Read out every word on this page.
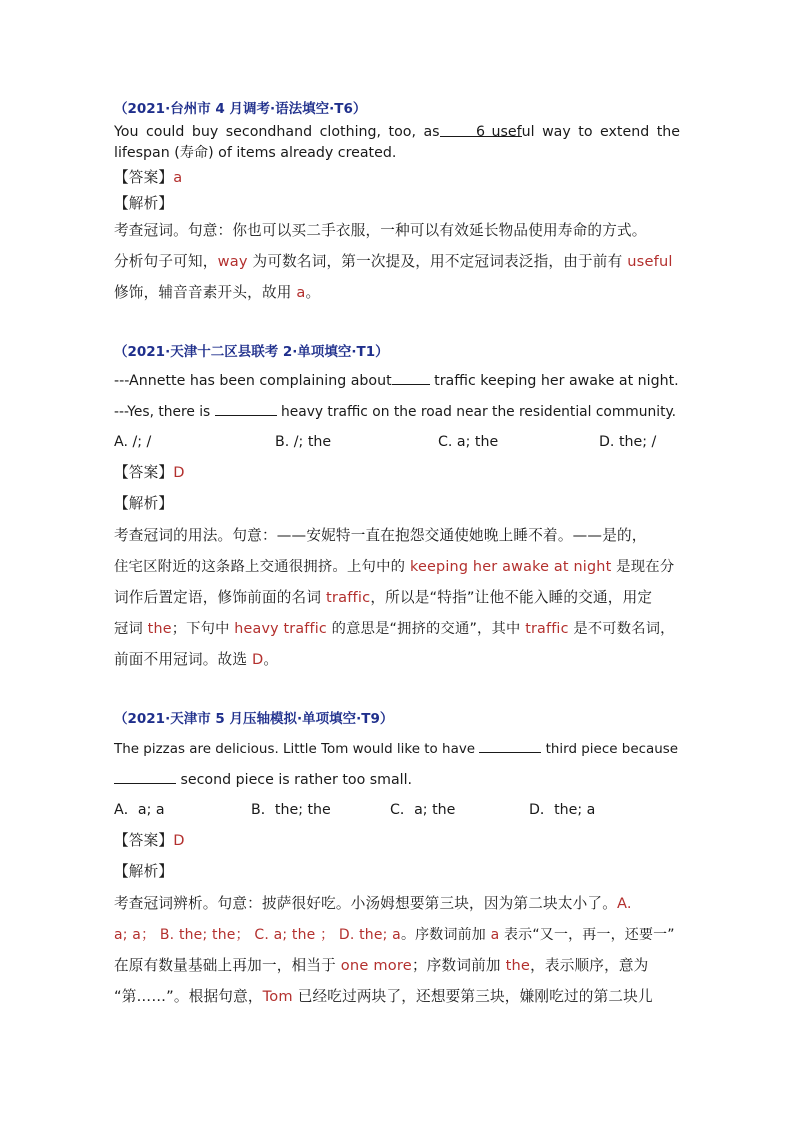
（2021·台州市 4 月调考·语法填空·T6）
You could buy secondhand clothing, too, as	6 useful way to extend the
lifespan (寿命) of items already created.
【答案】a
【解析】
考查冠词。句意：你也可以买二手衣服，一种可以有效延长物品使用寿命的方式。
分析句子可知，way 为可数名词，第一次提及，用不定冠词表泛指，由于前有 useful
修饰，辅音音素开头，故用 a。
（2021·天津十二区县联考 2·单项填空·T1）
---Annette has been complaining about	traffic keeping her awake at night.
---Yes, there is	heavy traffic on the road near the residential community.
A. /; /	B. /; the	C. a; the	D. the; /
【答案】D
【解析】
考查冠词的用法。句意：——安妮特一直在抱怨交通使她晚上睡不着。——是的，
住宅区附近的这条路上交通很拥挤。上句中的 keeping her awake at night 是现在分
词作后置定语，修饰前面的名词 traffic，所以是“特指”让他不能入睡的交通，用定
冠词 the；下句中 heavy traffic 的意思是“拥挤的交通”，其中 traffic 是不可数名词，
前面不用冠词。故选 D。
（2021·天津市 5 月压轴模拟·单项填空·T9）
The pizzas are delicious. Little Tom would like to have	third piece because
second piece is rather too small.
A．a; a	B．the; the	C．a; the	D．the; a
【答案】D
【解析】
考查冠词辨析。句意：披萨很好吃。小汤姆想要第三块，因为第二块太小了。A.
a; a； B. the; the； C. a; the ； D. the; a。序数词前加 a 表示“又一，再一，还要一”
在原有数量基础上再加一，相当于 one more；序数词前加 the，表示顺序，意为
“第……”。根据句意，Tom 已经吃过两块了，还想要第三块，嫌刚吃过的第二块儿
